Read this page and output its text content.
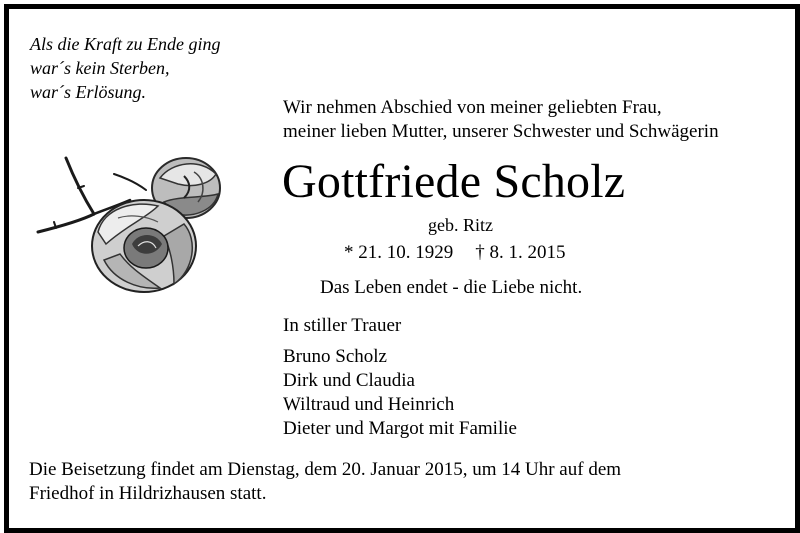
Als die Kraft zu Ende ging
war´s kein Sterben,
war´s Erlösung.
Wir nehmen Abschied von meiner geliebten Frau,
meiner lieben Mutter, unserer Schwester und Schwägerin
Gottfriede Scholz
geb. Ritz
* 21. 10. 1929 † 8. 1. 2015
Das Leben endet - die Liebe nicht.
In stiller Trauer
Bruno Scholz
Dirk und Claudia
Wiltraud und Heinrich
Dieter und Margot mit Familie
Die Beisetzung findet am Dienstag, dem 20. Januar 2015, um 14 Uhr auf dem
Friedhof in Hildrizhausen statt.
